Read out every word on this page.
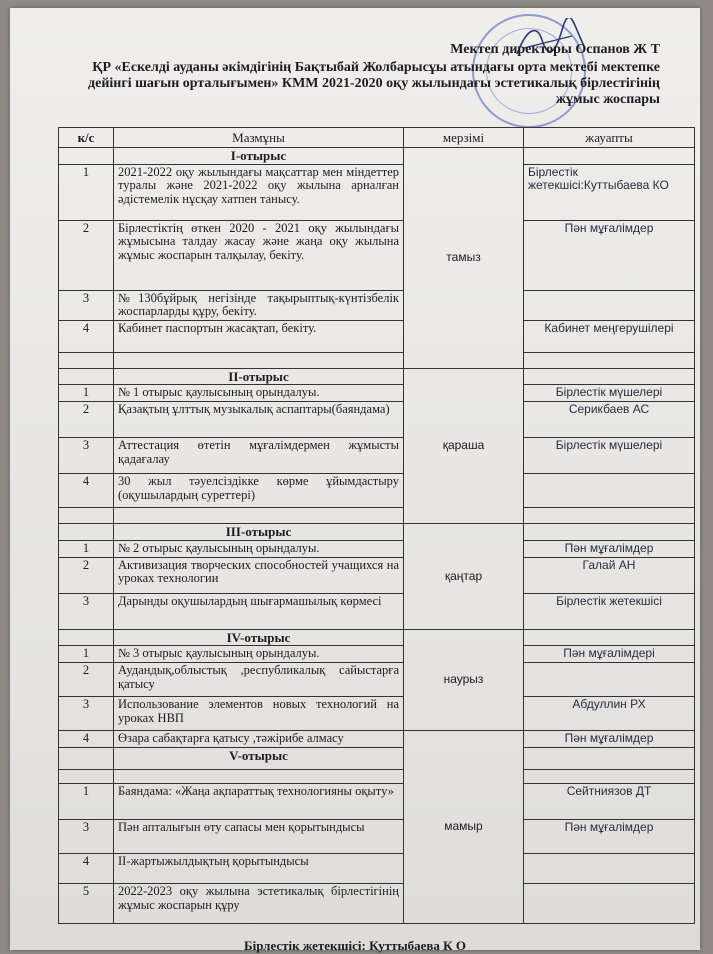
Мектеп директоры Оспанов Ж Т
ҚР «Ескелді ауданы әкімдігінің Бақтыбай Жолбарысұы атындағы орта мектебі мектепке
дейінгі шағын орталығымен» КММ 2021-2020 оқу жылындағы эстетикалық бірлестігінің
жұмыс жоспары
к/с	Мазмұны	мерзімі	жауапты
	I-отырыс	тамыз	
1	2021-2022 оқу жылындағы мақсаттар мен міндеттер туралы және 2021-2022 оқу жылына арналған әдістемелік нұсқау хатпен танысу.		Бірлестік жетекшісі:Куттыбаева КО
2	Бірлестіктің өткен 2020 - 2021 оқу жылындағы жұмысына талдау жасау және жаңа оқу жылына жұмыс жоспарын талқылау, бекіту.		Пән мұғалімдер
3	№130бұйрық негізінде тақырыптық-күнтізбелік жоспарларды құру, бекіту.		
4	Кабинет паспортын жасақтап, бекіту.		Кабинет меңгерушілері

	II-отырыс	қараша	
1	№ 1 отырыс қаулысының орындалуы.		Бірлестік мүшелері
2	Қазақтың ұлттық музыкалық аспаптары(баяндама)		Серикбаев АС
3	Аттестация өтетін мұғалімдермен жұмысты қадағалау		Бірлестік мүшелері
4	30 жыл тәуелсіздікке көрме ұйымдастыру (оқушылардың суреттері)		

	III-отырыс	қаңтар	
1	№ 2 отырыс қаулысының орындалуы.		Пән мұғалімдер
2	Активизация творческих способностей учащихся на уроках технологии		Галай АН
3	Дарынды оқушылардың шығармашылық көрмесі		Бірлестік жетекшісі
	IV-отырыс	наурыз	
1	№ 3 отырыс қаулысының орындалуы.		Пән мұғалімдері
2	Аудандық,облыстық ,республикалық сайыстарға қатысу		
3	Использование элементов новых технологий на уроках НВП		Абдуллин РХ
4	Өзара сабақтарға қатысу ,тәжірибе алмасу	мамыр	Пән мұғалімдер
	V-отырыс		

1	Баяндама: «Жаңа ақпараттық технологияны оқыту»		Сейтниязов ДТ
3	Пән апталығын өту сапасы мен қорытындысы		Пән мұғалімдер
4	II-жартыжылдықтың қорытындысы		
5	2022-2023 оқу жылына эстетикалық бірлестігінің жұмыс жоспарын құру		
Бірлестік жетекшісі: Куттыбаева К О
